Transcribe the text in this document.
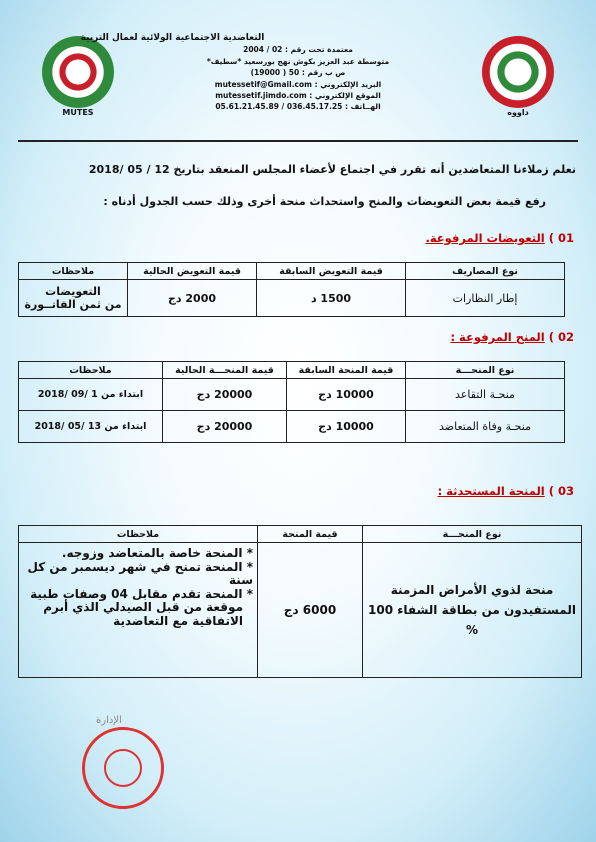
داووه
MUTES
التعاضدية الاجتماعية الولائية لعمال التربية
معتمدة تحت رقم : 02 / 2004
متوسطة عبد العزيز بكوش نهج بورسعيد *سطيف*
ص ب رقم : 50 ( 19000)
البريد الإلكتروني : mutessetif@Gmail.com
الموقع الإلكتروني : mutessetif.jimdo.com
الهــاتف : 05.61.21.45.89 / 036.45.17.25
نعلم زملاءنا المتعاضدين أنه تقرر في اجتماع لأعضاء المجلس المنعقد بتاريخ 12 / 05 /2018
رفع قيمة بعض التعويضات والمنح واستحداث منحة أخرى وذلك حسب الجدول أدناه :
01 ) التعويضات المرفوعة.
نوع المصاريف	قيمة التعويض السابقة	قيمة التعويض الحالية	ملاحظات
إطار النظارات	1500 د	2000 دج	التعويضات
من ثمن الفاتــورة
02 ) المنح المرفوعة :
نوع المنحـــة	قيمة المنحة السابقة	قيمة المنحـــة الحالية	ملاحظات
منحـة التقاعد	10000 دج	20000 دج	ابتداء من 1 /09 /2018
منحـة وفاة المتعاضد	10000 دج	20000 دج	ابتداء من 13 /05 /2018
03 ) المنحة المستحدثة :
نوع المنحـــة	قيمة المنحة	ملاحظات
منحة لذوي الأمراض المزمنة المستفيدون من بطاقة الشفاء 100 %	6000 دج	* المنحة خاصة بالمتعاضد وزوجه.
* المنحة تمنح في شهر ديسمبر من كل سنة
* المنحة تقدم مقابل 04 وصفات طبية
موقعة من قبل الصيدلي الذي أبرم
الاتفاقية مع التعاضدية
الإدارة
